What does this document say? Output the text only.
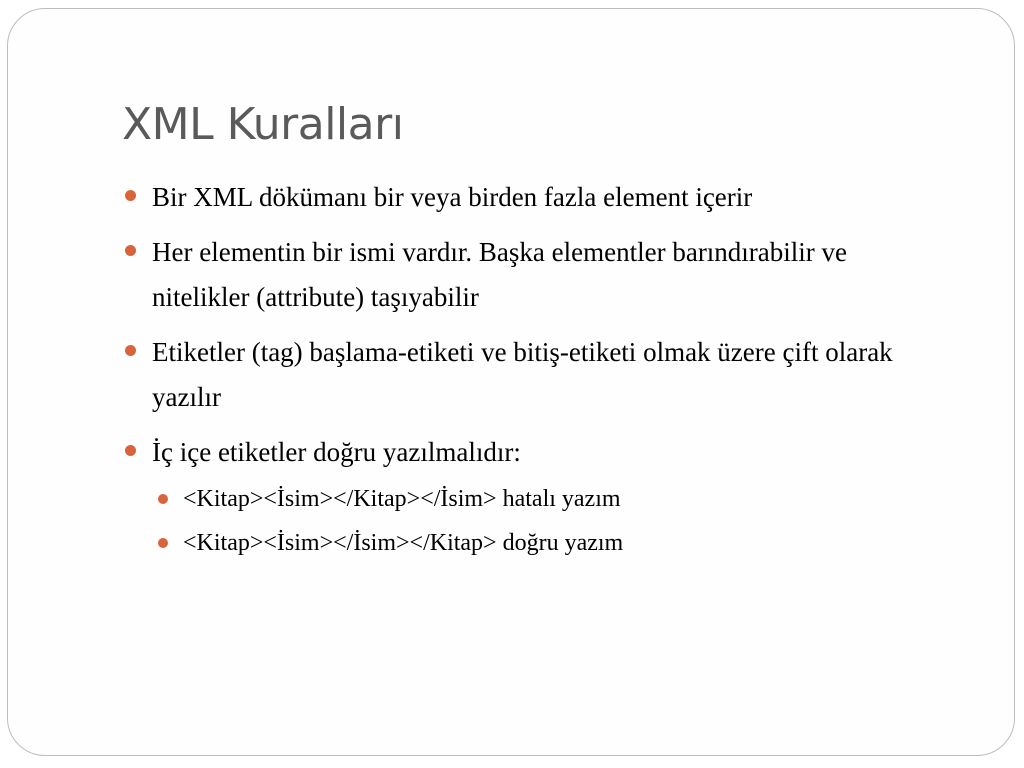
XML Kuralları
Bir XML dökümanı bir veya birden fazla element içerir
Her elementin bir ismi vardır. Başka elementler barındırabilir ve nitelikler (attribute) taşıyabilir
Etiketler (tag) başlama-etiketi ve bitiş-etiketi olmak üzere çift olarak yazılır
İç içe etiketler doğru yazılmalıdır:
<Kitap><İsim></Kitap></İsim> hatalı yazım
<Kitap><İsim></İsim></Kitap> doğru yazım
